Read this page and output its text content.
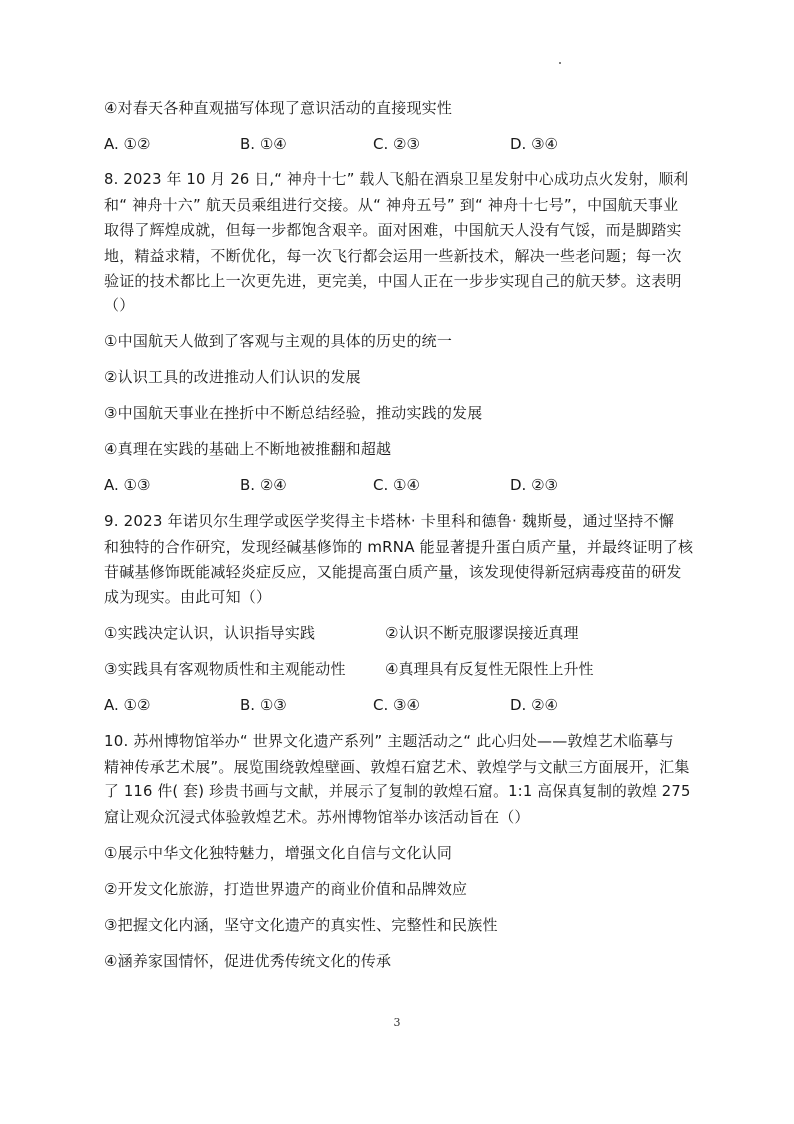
④对春天各种直观描写体现了意识活动的直接现实性
A. ①②	B. ①④	C. ②③	D. ③④
8. 2023 年 10 月 26 日,“ 神舟十七” 载人飞船在酒泉卫星发射中心成功点火发射，顺利
和“ 神舟十六” 航天员乘组进行交接。从“ 神舟五号” 到“ 神舟十七号”，中国航天事业
取得了辉煌成就，但每一步都饱含艰辛。面对困难，中国航天人没有气馁，而是脚踏实
地，精益求精，不断优化，每一次飞行都会运用一些新技术，解决一些老问题；每一次
验证的技术都比上一次更先进，更完美，中国人正在一步步实现自己的航天梦。这表明
（）
①中国航天人做到了客观与主观的具体的历史的统一
②认识工具的改进推动人们认识的发展
③中国航天事业在挫折中不断总结经验，推动实践的发展
④真理在实践的基础上不断地被推翻和超越
A. ①③	B. ②④	C. ①④	D. ②③
9. 2023 年诺贝尔生理学或医学奖得主卡塔林· 卡里科和德鲁· 魏斯曼，通过坚持不懈
和独特的合作研究，发现经碱基修饰的 mRNA 能显著提升蛋白质产量，并最终证明了核
苷碱基修饰既能减轻炎症反应，又能提高蛋白质产量，该发现使得新冠病毒疫苗的研发
成为现实。由此可知（）
①实践决定认识，认识指导实践	②认识不断克服谬误接近真理
③实践具有客观物质性和主观能动性	④真理具有反复性无限性上升性
A. ①②	B. ①③	C. ③④	D. ②④
10. 苏州博物馆举办“ 世界文化遗产系列” 主题活动之“ 此心归处——敦煌艺术临摹与
精神传承艺术展”。展览围绕敦煌壁画、敦煌石窟艺术、敦煌学与文献三方面展开，汇集
了 116 件( 套) 珍贵书画与文献，并展示了复制的敦煌石窟。1:1 高保真复制的敦煌 275
窟让观众沉浸式体验敦煌艺术。苏州博物馆举办该活动旨在（）
①展示中华文化独特魅力，增强文化自信与文化认同
②开发文化旅游，打造世界遗产的商业价值和品牌效应
③把握文化内涵，坚守文化遗产的真实性、完整性和民族性
④涵养家国情怀，促进优秀传统文化的传承
3
